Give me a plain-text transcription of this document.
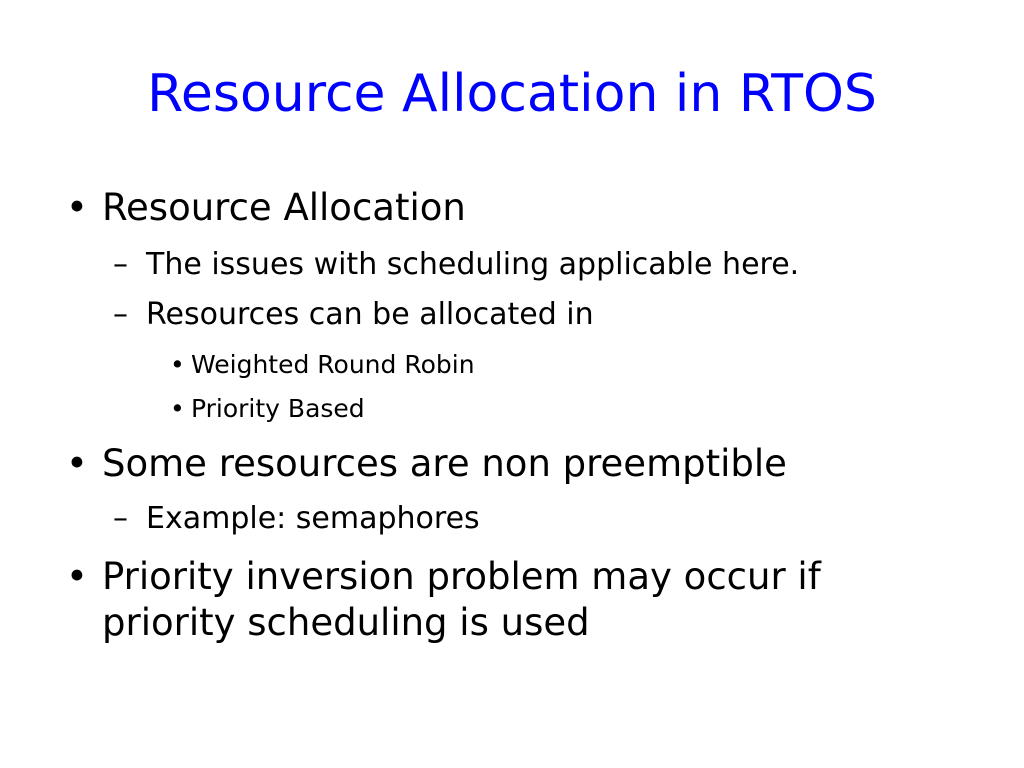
Resource Allocation in RTOS
• Resource Allocation
– The issues with scheduling applicable here.
– Resources can be allocated in
• Weighted Round Robin
• Priority Based
• Some resources are non preemptible
– Example: semaphores
• Priority inversion problem may occur if
priority scheduling is used
